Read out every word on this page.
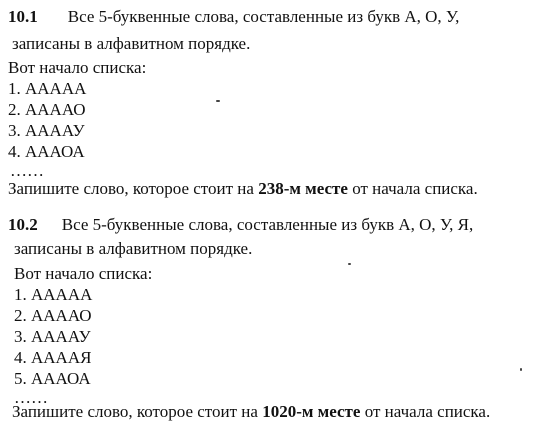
10.1 Все 5-буквенные слова, составленные из букв А, О, У,
записаны в алфавитном порядке.
Вот начало списка:
1. ААААА
2. ААААО
3. ААААУ
4. АААОА
……
Запишите слово, которое стоит на 238-м месте от начала списка.
10.2 Все 5-буквенные слова, составленные из букв А, О, У, Я,
записаны в алфавитном порядке.
Вот начало списка:
1. ААААА
2. ААААО
3. ААААУ
4. ААААЯ
5. АААОА
……
Запишите слово, которое стоит на 1020-м месте от начала списка.
